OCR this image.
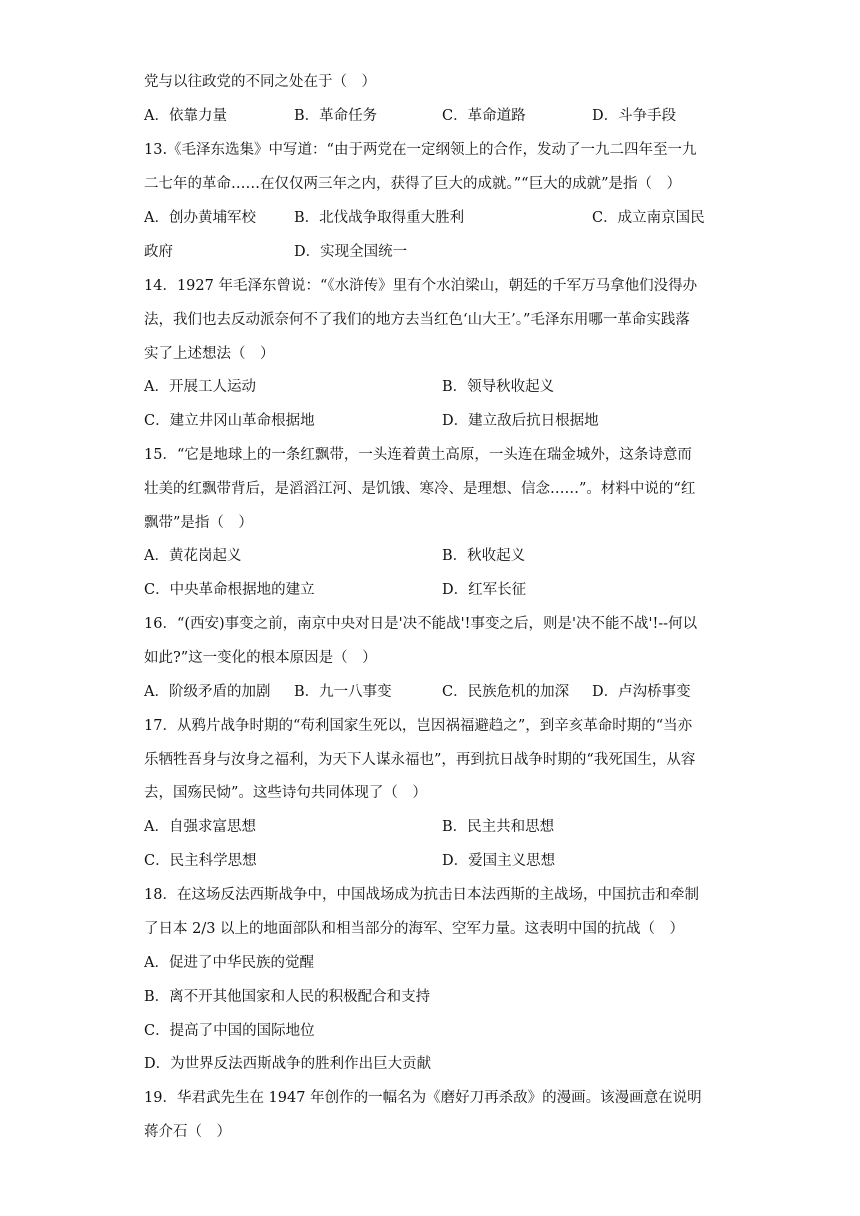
党与以往政党的不同之处在于（　）
A．依靠力量	B．革命任务	C．革命道路	D．斗争手段
13.《毛泽东选集》中写道：“由于两党在一定纲领上的合作，发动了一九二四年至一九
二七年的革命……在仅仅两三年之内，获得了巨大的成就。”“巨大的成就”是指（　）
A．创办黄埔军校	B．北伐战争取得重大胜利	C．成立南京国民
政府	D．实现全国统一
14．1927 年毛泽东曾说：“《水浒传》里有个水泊梁山，朝廷的千军万马拿他们没得办
法，我们也去反动派奈何不了我们的地方去当红色‘山大王’。”毛泽东用哪一革命实践落
实了上述想法（　）
A．开展工人运动	B．领导秋收起义
C．建立井冈山革命根据地	D．建立敌后抗日根据地
15．“它是地球上的一条红飘带，一头连着黄土高原，一头连在瑞金城外，这条诗意而
壮美的红飘带背后，是滔滔江河、是饥饿、寒冷、是理想、信念……”。材料中说的“红
飘带”是指（　）
A．黄花岗起义	B．秋收起义
C．中央革命根据地的建立	D．红军长征
16．“(西安)事变之前，南京中央对日是'决不能战'!事变之后，则是'决不能不战'!--何以
如此?”这一变化的根本原因是（　）
A．阶级矛盾的加剧 B．九一八事变	C．民族危机的加深 D．卢沟桥事变
17．从鸦片战争时期的“苟利国家生死以，岂因祸福避趋之”，到辛亥革命时期的“当亦
乐牺牲吾身与汝身之福利，为天下人谋永福也”，再到抗日战争时期的“我死国生，从容
去，国殇民恸”。这些诗句共同体现了（　）
A．自强求富思想	B．民主共和思想
C．民主科学思想	D．爱国主义思想
18．在这场反法西斯战争中，中国战场成为抗击日本法西斯的主战场，中国抗击和牵制
了日本 2/3 以上的地面部队和相当部分的海军、空军力量。这表明中国的抗战（　）
A．促进了中华民族的觉醒
B．离不开其他国家和人民的积极配合和支持
C．提高了中国的国际地位
D．为世界反法西斯战争的胜利作出巨大贡献
19．华君武先生在 1947 年创作的一幅名为《磨好刀再杀敌》的漫画。该漫画意在说明
蒋介石（　）
